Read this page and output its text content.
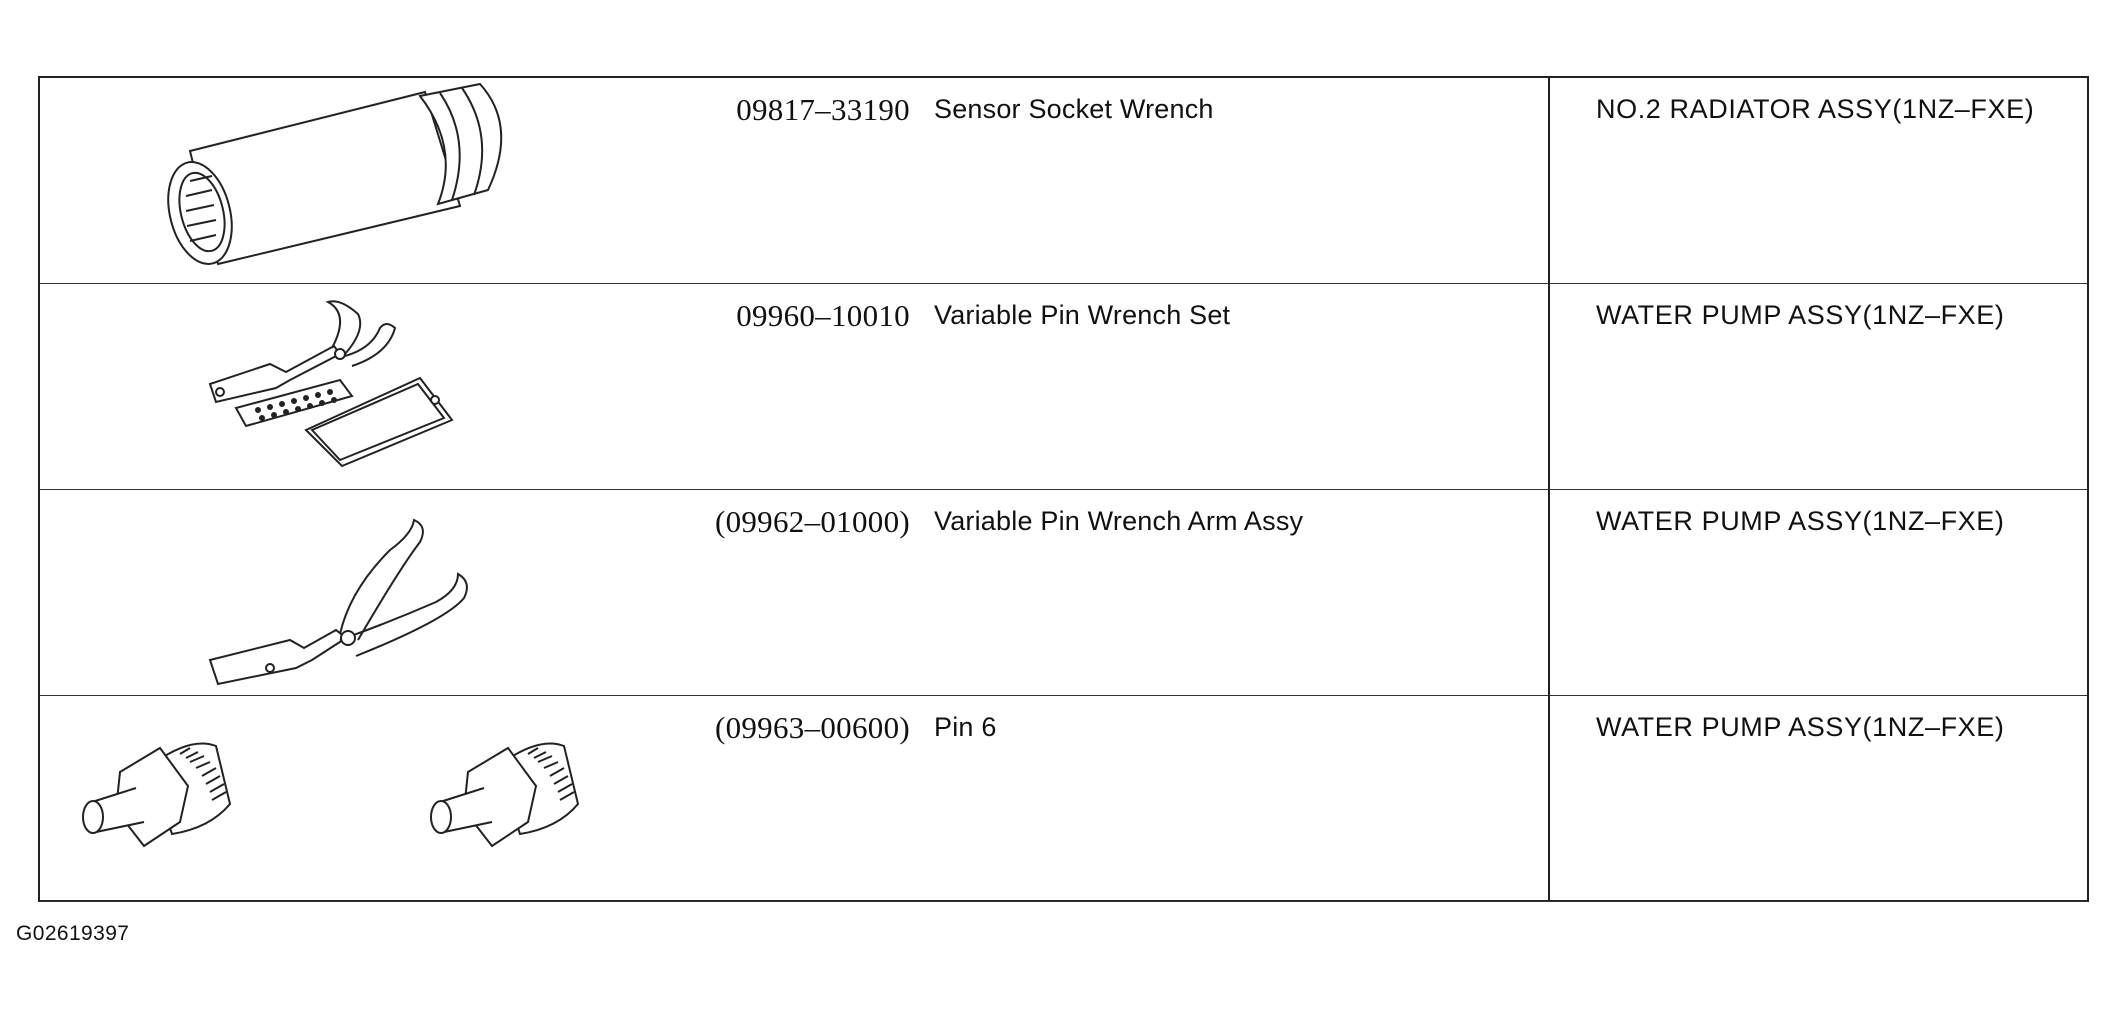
09817–33190 Sensor Socket Wrench	NO.2 RADIATOR ASSY(1NZ–FXE)
09960–10010 Variable Pin Wrench Set	WATER PUMP ASSY(1NZ–FXE)
(09962–01000) Variable Pin Wrench Arm Assy	WATER PUMP ASSY(1NZ–FXE)
(09963–00600) Pin 6	WATER PUMP ASSY(1NZ–FXE)
G02619397
